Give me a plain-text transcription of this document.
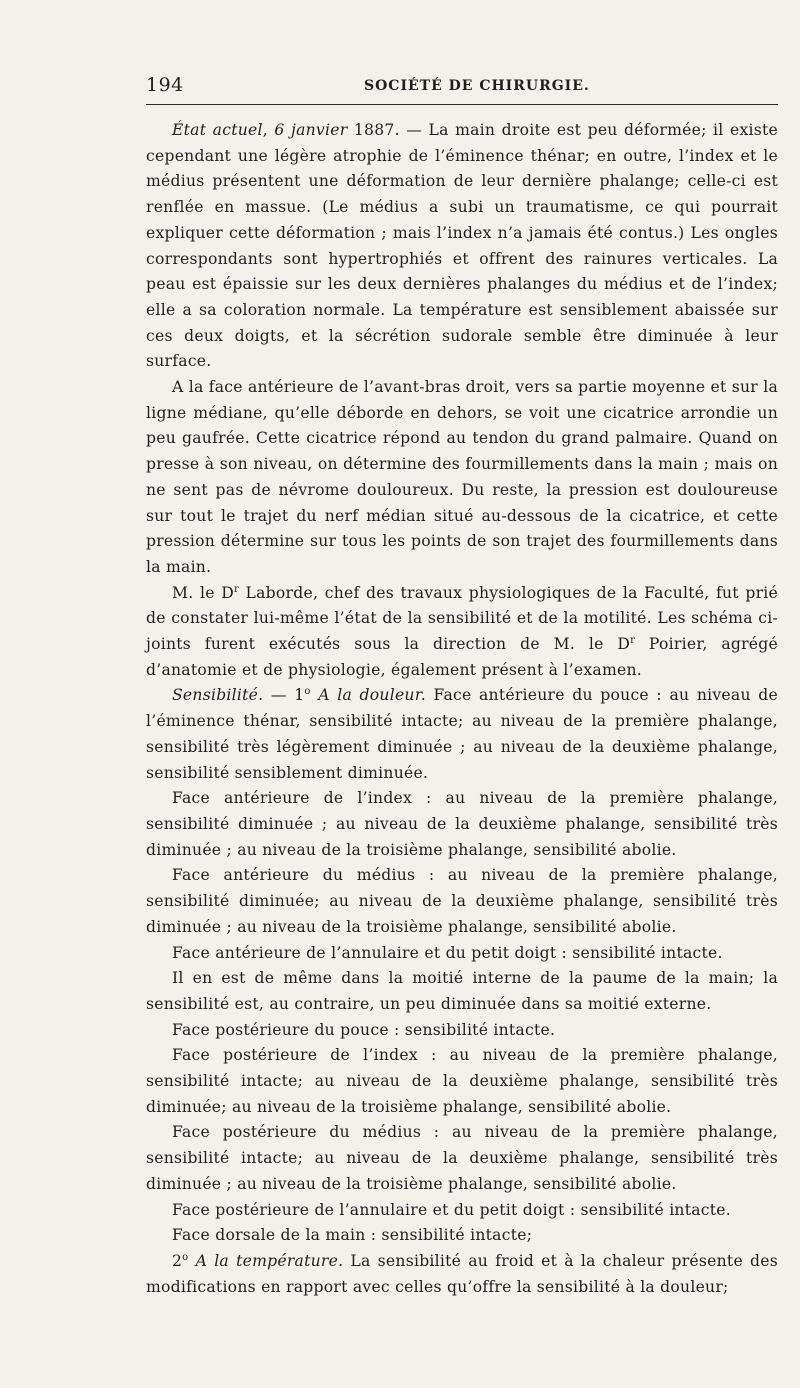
194	SOCIÉTÉ DE CHIRURGIE.

État actuel, 6 janvier 1887. — La main droite est peu déformée; il existe cependant une légère atrophie de l’éminence thénar; en outre, l’index et le médius présentent une déformation de leur dernière phalange; celle-ci est renflée en massue. (Le médius a subi un traumatisme, ce qui pourrait expliquer cette déformation ; mais l’index n’a jamais été contus.) Les ongles correspondants sont hypertrophiés et offrent des rainures verticales. La peau est épaissie sur les deux dernières phalanges du médius et de l’index; elle a sa coloration normale. La température est sensiblement abaissée sur ces deux doigts, et la sécrétion sudorale semble être diminuée à leur surface.

A la face antérieure de l’avant-bras droit, vers sa partie moyenne et sur la ligne médiane, qu’elle déborde en dehors, se voit une cicatrice arrondie un peu gaufrée. Cette cicatrice répond au tendon du grand palmaire. Quand on presse à son niveau, on détermine des fourmillements dans la main ; mais on ne sent pas de névrome douloureux. Du reste, la pression est douloureuse sur tout le trajet du nerf médian situé au-dessous de la cicatrice, et cette pression détermine sur tous les points de son trajet des fourmillements dans la main.

M. le $D^r$ Laborde, chef des travaux physiologiques de la Faculté, fut prié de constater lui-même l’état de la sensibilité et de la motilité. Les schéma ci-joints furent exécutés sous la direction de M. le $D^r$ Poirier, agrégé d’anatomie et de physiologie, également présent à l’examen.

Sensibilité. — 1$^o$ A la douleur. Face antérieure du pouce : au niveau de l’éminence thénar, sensibilité intacte; au niveau de la première phalange, sensibilité très légèrement diminuée ; au niveau de la deuxième phalange, sensibilité sensiblement diminuée.

Face antérieure de l’index : au niveau de la première phalange, sensibilité diminuée ; au niveau de la deuxième phalange, sensibilité très diminuée ; au niveau de la troisième phalange, sensibilité abolie.

Face antérieure du médius : au niveau de la première phalange, sensibilité diminuée; au niveau de la deuxième phalange, sensibilité très diminuée ; au niveau de la troisième phalange, sensibilité abolie.

Face antérieure de l’annulaire et du petit doigt : sensibilité intacte.

Il en est de même dans la moitié interne de la paume de la main; la sensibilité est, au contraire, un peu diminuée dans sa moitié externe.

Face postérieure du pouce : sensibilité intacte.

Face postérieure de l’index : au niveau de la première phalange, sensibilité intacte; au niveau de la deuxième phalange, sensibilité très diminuée; au niveau de la troisième phalange, sensibilité abolie.

Face postérieure du médius : au niveau de la première phalange, sensibilité intacte; au niveau de la deuxième phalange, sensibilité très diminuée ; au niveau de la troisième phalange, sensibilité abolie.

Face postérieure de l’annulaire et du petit doigt : sensibilité intacte.

Face dorsale de la main : sensibilité intacte;

2$^o$ A la température. La sensibilité au froid et à la chaleur présente des modifications en rapport avec celles qu’offre la sensibilité à la douleur;
